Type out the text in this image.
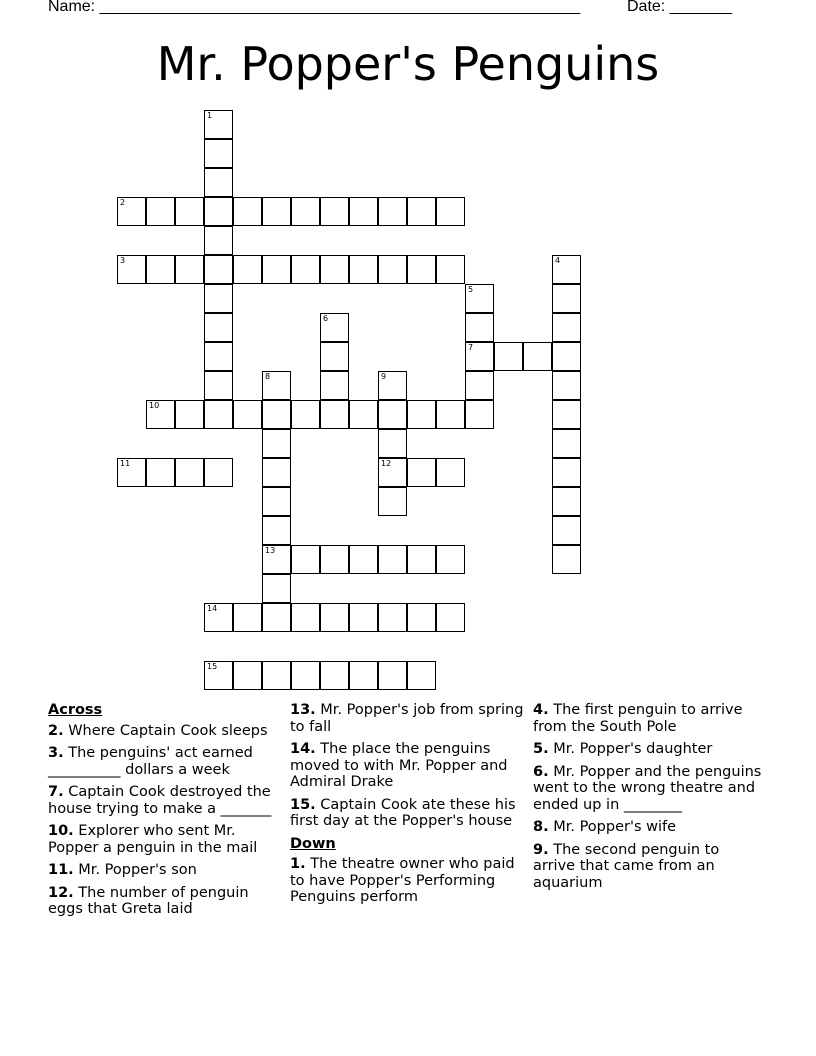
Name: ______________________________________________________	Date: _______
Mr. Popper's Penguins
1
2
3	4
5
7
6
8
13
9
12
10
11
14
15
Across
2. Where Captain Cook sleeps
3. The penguins' act earned __________ dollars a week
7. Captain Cook destroyed the house trying to make a _______
10. Explorer who sent Mr. Popper a penguin in the mail
11. Mr. Popper's son
12. The number of penguin eggs that Greta laid
13. Mr. Popper's job from spring to fall
14. The place the penguins moved to with Mr. Popper and Admiral Drake
15. Captain Cook ate these his first day at the Popper's house
Down
1. The theatre owner who paid to have Popper's Performing Penguins perform
4. The first penguin to arrive from the South Pole
5. Mr. Popper's daughter
6. Mr. Popper and the penguins went to the wrong theatre and ended up in ________
8. Mr. Popper's wife
9. The second penguin to arrive that came from an aquarium
